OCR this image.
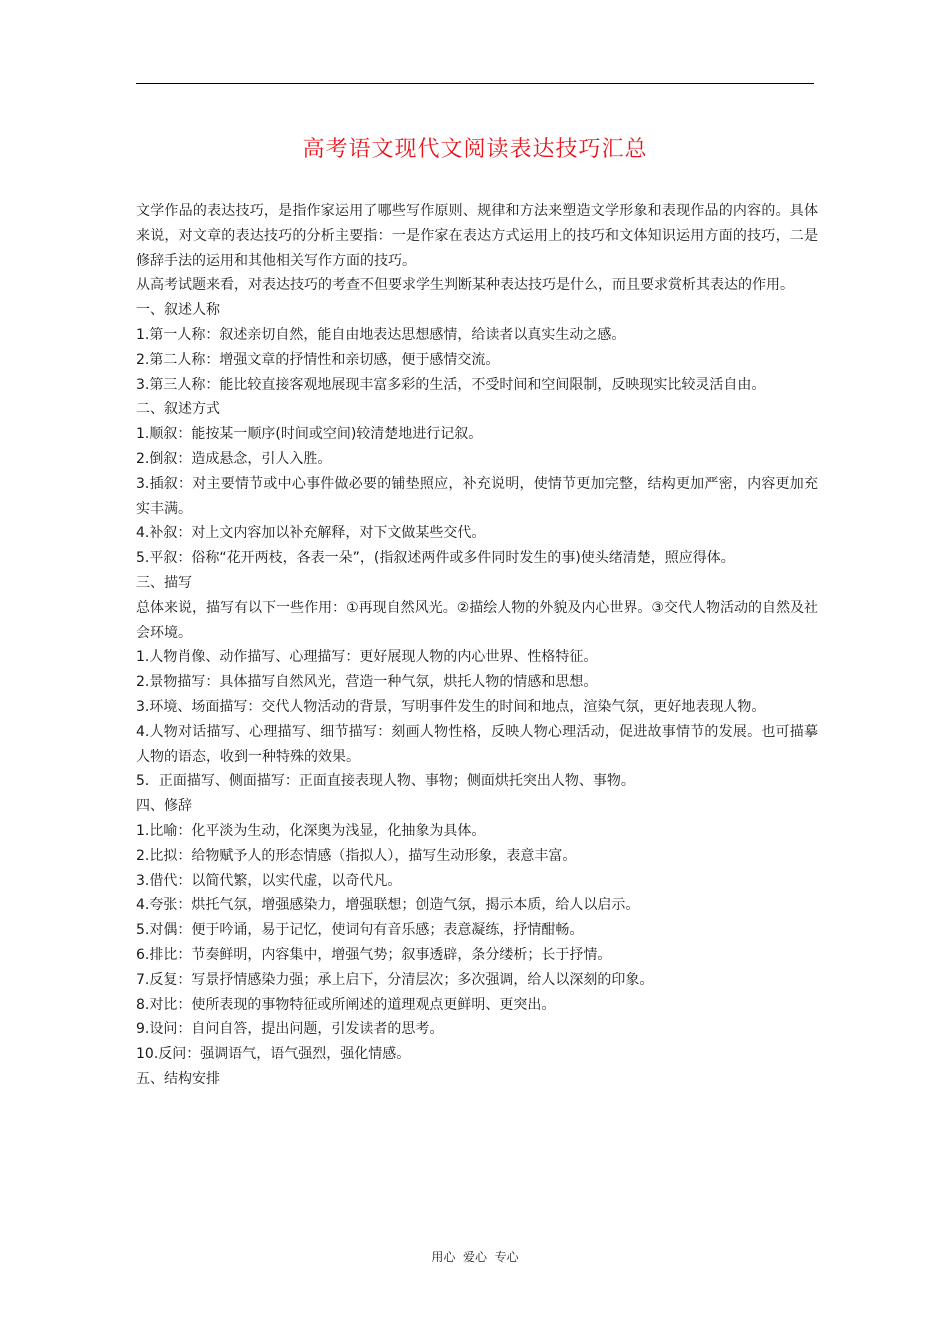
高考语文现代文阅读表达技巧汇总

文学作品的表达技巧，是指作家运用了哪些写作原则、规律和方法来塑造文学形象和表现作品的内容的。具体来说，对文章的表达技巧的分析主要指：一是作家在表达方式运用上的技巧和文体知识运用方面的技巧，二是修辞手法的运用和其他相关写作方面的技巧。

从高考试题来看，对表达技巧的考查不但要求学生判断某种表达技巧是什么，而且要求赏析其表达的作用。

一、叙述人称

1.第一人称：叙述亲切自然，能自由地表达思想感情，给读者以真实生动之感。

2.第二人称：增强文章的抒情性和亲切感，便于感情交流。

3.第三人称：能比较直接客观地展现丰富多彩的生活，不受时间和空间限制，反映现实比较灵活自由。

二、叙述方式

1.顺叙：能按某一顺序(时间或空间)较清楚地进行记叙。

2.倒叙：造成悬念，引人入胜。

3.插叙：对主要情节或中心事件做必要的铺垫照应，补充说明，使情节更加完整，结构更加严密，内容更加充实丰满。

4.补叙：对上文内容加以补充解释，对下文做某些交代。

5.平叙：俗称“花开两枝，各表一朵”，(指叙述两件或多件同时发生的事)使头绪清楚，照应得体。

三、描写

总体来说，描写有以下一些作用：①再现自然风光。②描绘人物的外貌及内心世界。③交代人物活动的自然及社会环境。

1.人物肖像、动作描写、心理描写：更好展现人物的内心世界、性格特征。

2.景物描写：具体描写自然风光，营造一种气氛，烘托人物的情感和思想。

3.环境、场面描写：交代人物活动的背景，写明事件发生的时间和地点，渲染气氛，更好地表现人物。

4.人物对话描写、心理描写、细节描写：刻画人物性格，反映人物心理活动，促进故事情节的发展。也可描摹人物的语态，收到一种特殊的效果。

5．正面描写、侧面描写：正面直接表现人物、事物；侧面烘托突出人物、事物。

四、修辞

1.比喻：化平淡为生动，化深奥为浅显，化抽象为具体。

2.比拟：给物赋予人的形态情感（指拟人），描写生动形象，表意丰富。

3.借代：以简代繁，以实代虚，以奇代凡。

4.夸张：烘托气氛，增强感染力，增强联想；创造气氛，揭示本质，给人以启示。

5.对偶：便于吟诵，易于记忆，使词句有音乐感；表意凝练，抒情酣畅。

6.排比：节奏鲜明，内容集中，增强气势；叙事透辟，条分缕析；长于抒情。

7.反复：写景抒情感染力强；承上启下，分清层次；多次强调，给人以深刻的印象。

8.对比：使所表现的事物特征或所阐述的道理观点更鲜明、更突出。

9.设问：自问自答，提出问题，引发读者的思考。

10.反问：强调语气，语气强烈，强化情感。

五、结构安排

用心  爱心  专心
